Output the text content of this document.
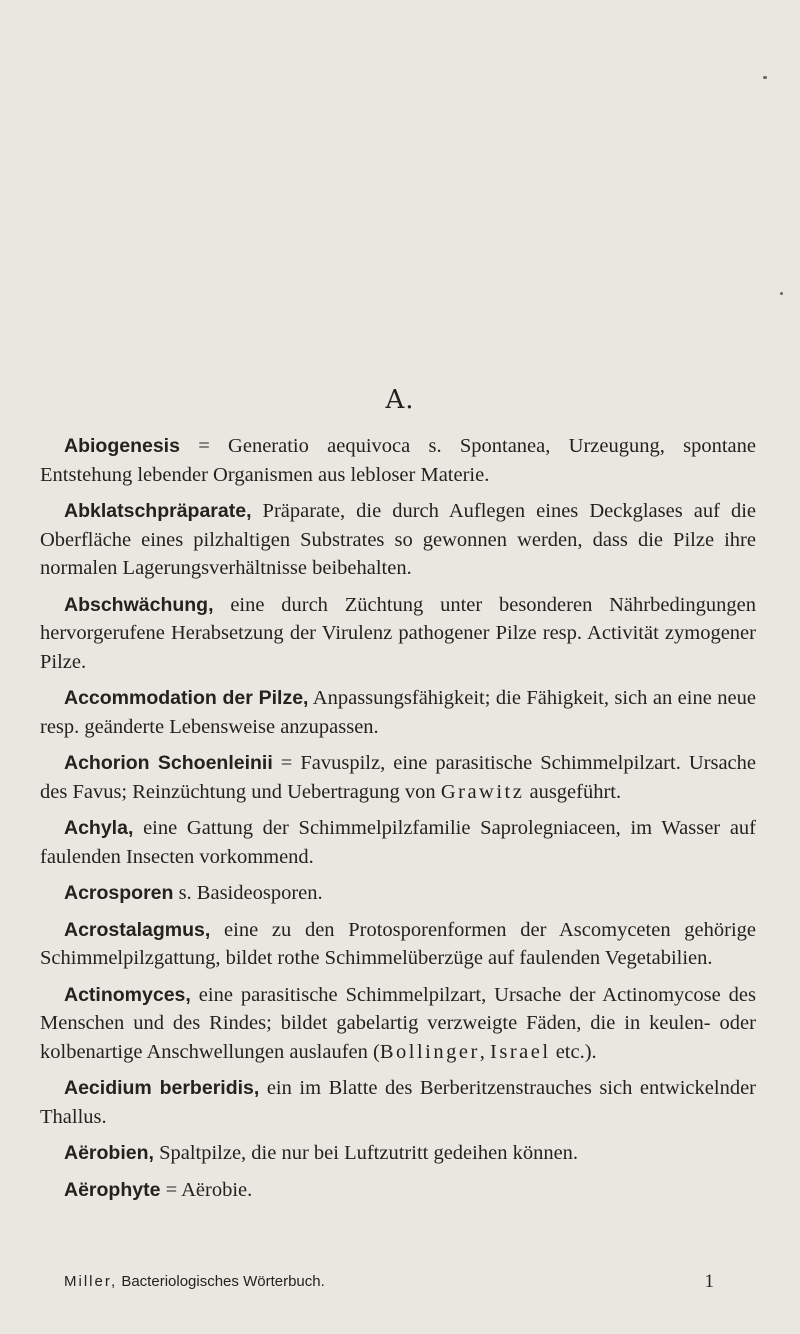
A.

Abiogenesis = Generatio aequivoca s. Spontanea, Urzeugung, spontane Entstehung lebender Organismen aus lebloser Materie.

Abklatschpräparate, Präparate, die durch Auflegen eines Deckglases auf die Oberfläche eines pilzhaltigen Substrates so gewonnen werden, dass die Pilze ihre normalen Lagerungsverhältnisse beibehalten.

Abschwächung, eine durch Züchtung unter besonderen Nährbedingungen hervorgerufene Herabsetzung der Virulenz pathogener Pilze resp. Activität zymogener Pilze.

Accommodation der Pilze, Anpassungsfähigkeit; die Fähigkeit, sich an eine neue resp. geänderte Lebensweise anzupassen.

Achorion Schoenleinii = Favuspilz, eine parasitische Schimmelpilzart. Ursache des Favus; Reinzüchtung und Uebertragung von Grawitz ausgeführt.

Achyla, eine Gattung der Schimmelpilzfamilie Saprolegniaceen, im Wasser auf faulenden Insecten vorkommend.

Acrosporen s. Basideosporen.

Acrostalagmus, eine zu den Protosporenformen der Ascomyceten gehörige Schimmelpilzgattung, bildet rothe Schimmelüberzüge auf faulenden Vegetabilien.

Actinomyces, eine parasitische Schimmelpilzart, Ursache der Actinomycose des Menschen und des Rindes; bildet gabelartig verzweigte Fäden, die in keulen- oder kolbenartige Anschwellungen auslaufen (Bollinger, Israel etc.).

Aecidium berberidis, ein im Blatte des Berberitzenstrauches sich entwickelnder Thallus.

Aërobien, Spaltpilze, die nur bei Luftzutritt gedeihen können.

Aërophyte = Aërobie.

Miller, Bacteriologisches Wörterbuch.	1
